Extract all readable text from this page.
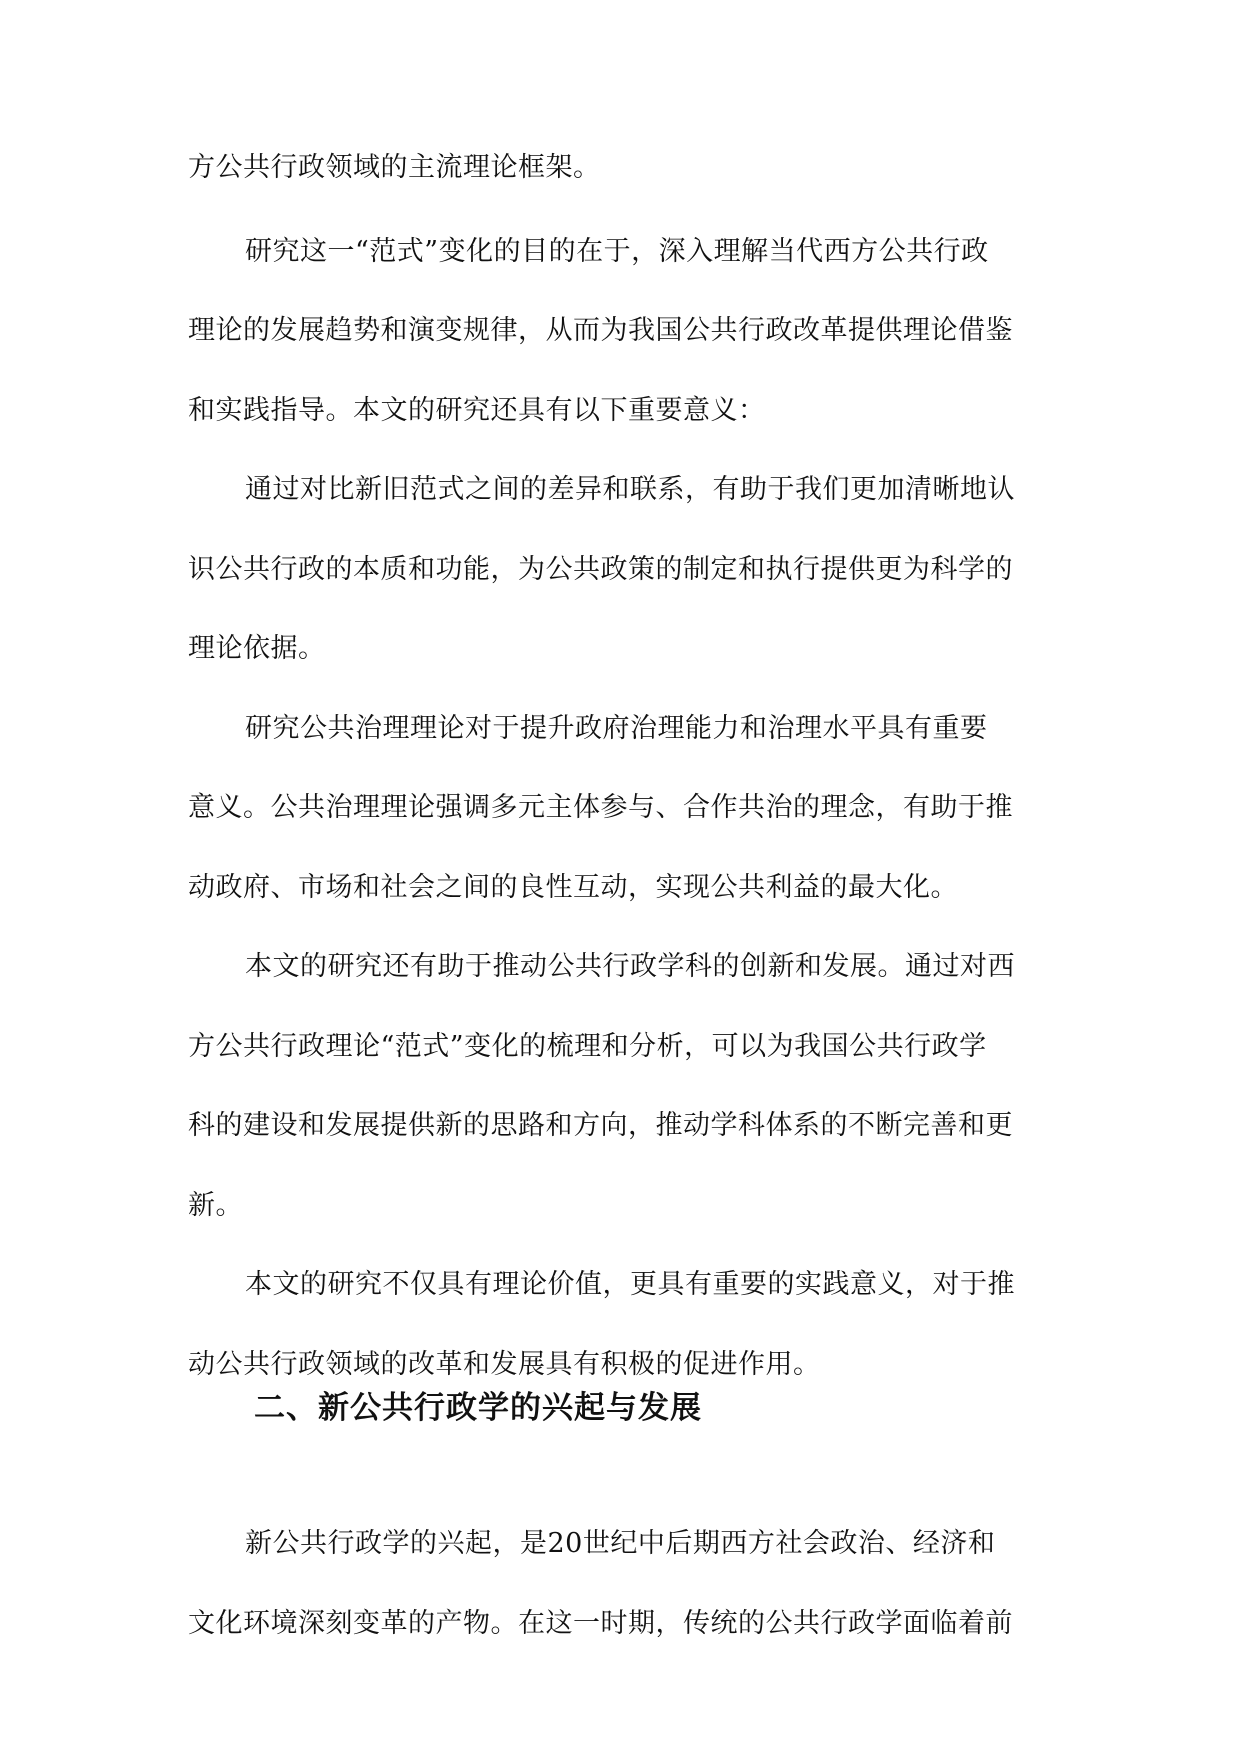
方公共行政领域的主流理论框架。
研究这一“范式”变化的目的在于，深入理解当代西方公共行政
理论的发展趋势和演变规律，从而为我国公共行政改革提供理论借鉴
和实践指导。本文的研究还具有以下重要意义：
通过对比新旧范式之间的差异和联系，有助于我们更加清晰地认
识公共行政的本质和功能，为公共政策的制定和执行提供更为科学的
理论依据。
研究公共治理理论对于提升政府治理能力和治理水平具有重要
意义。公共治理理论强调多元主体参与、合作共治的理念，有助于推
动政府、市场和社会之间的良性互动，实现公共利益的最大化。
本文的研究还有助于推动公共行政学科的创新和发展。通过对西
方公共行政理论“范式”变化的梳理和分析，可以为我国公共行政学
科的建设和发展提供新的思路和方向，推动学科体系的不断完善和更
新。
本文的研究不仅具有理论价值，更具有重要的实践意义，对于推
动公共行政领域的改革和发展具有积极的促进作用。
二、新公共行政学的兴起与发展
新公共行政学的兴起，是20世纪中后期西方社会政治、经济和
文化环境深刻变革的产物。在这一时期，传统的公共行政学面临着前
